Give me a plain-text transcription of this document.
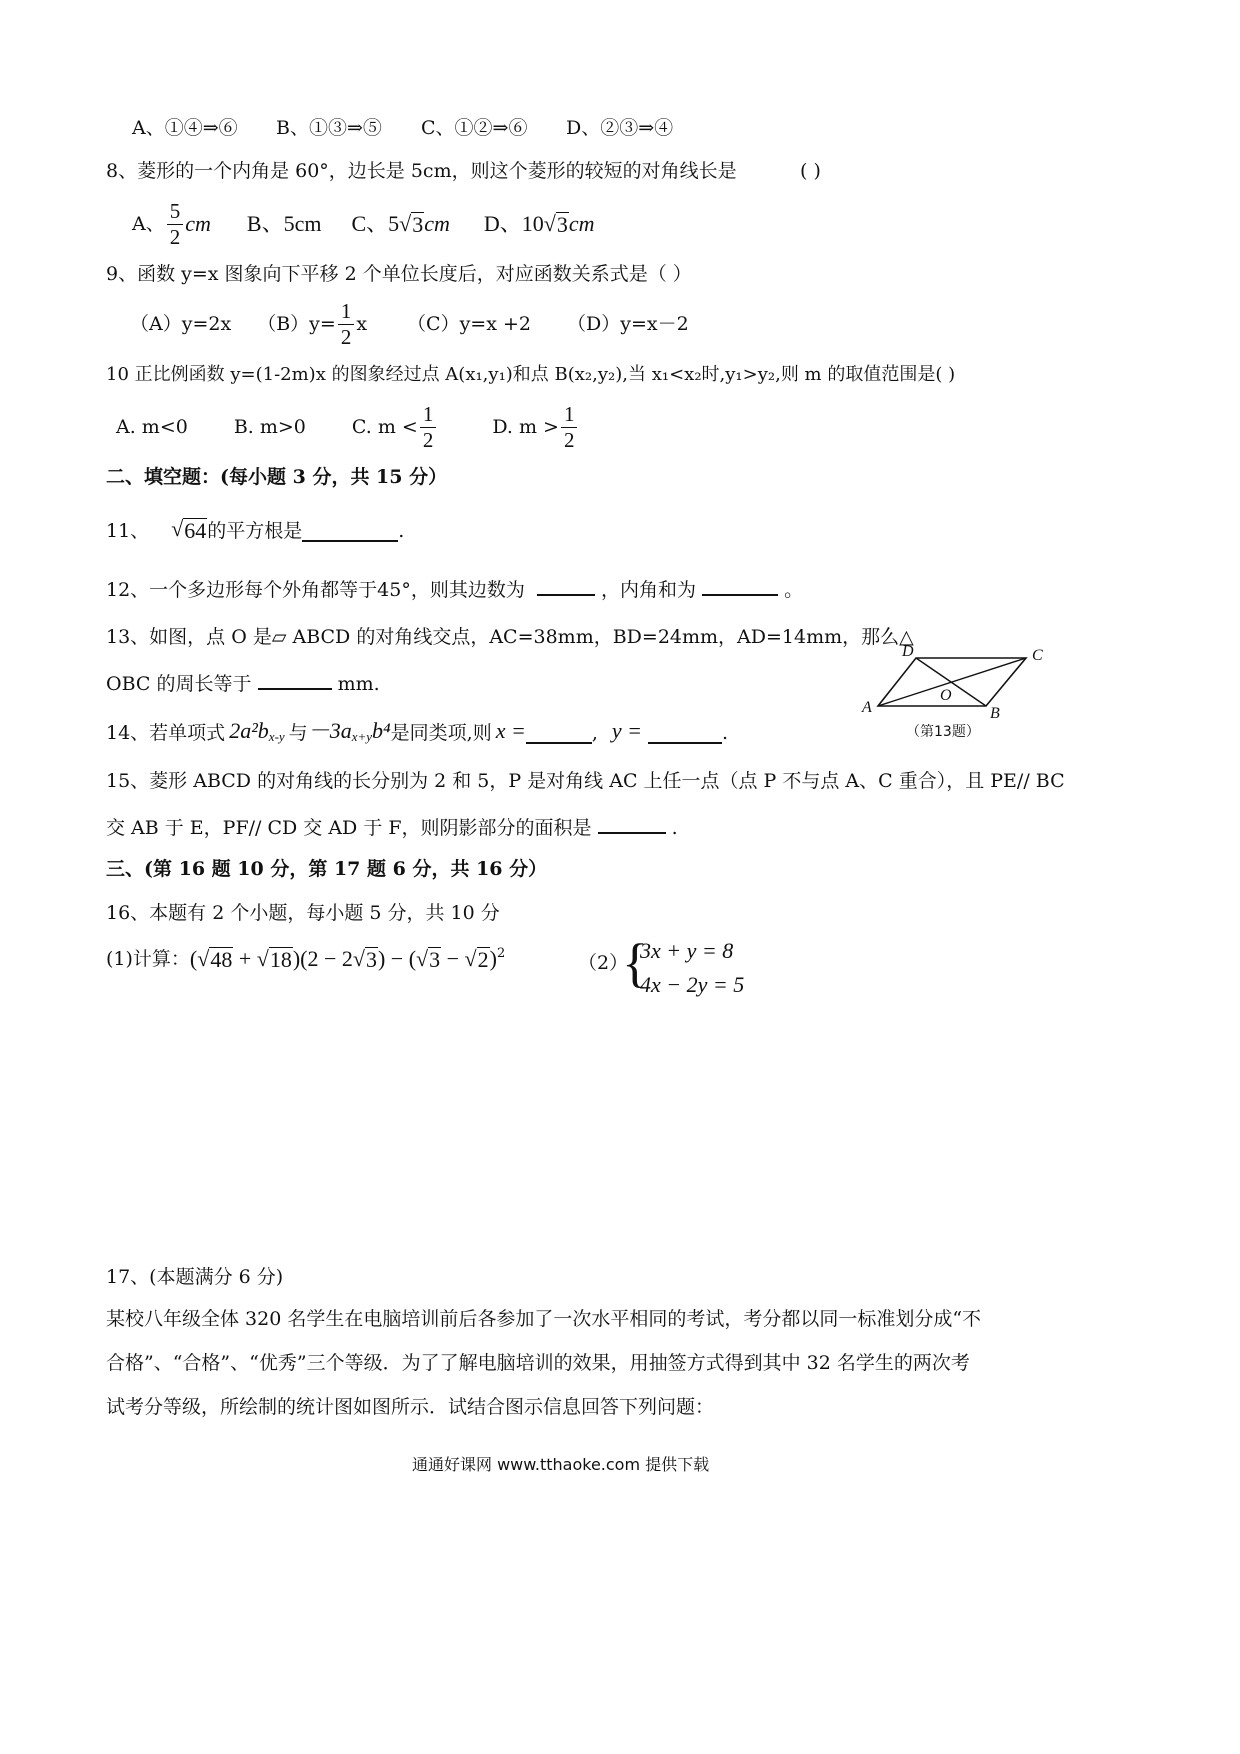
A、①④⇒⑥ B、①③⇒⑤ C、①②⇒⑥ D、②③⇒④
8、菱形的一个内角是 60°，边长是 5cm，则这个菱形的较短的对角线长是	( )
A、 $\frac{5}{2}$ cm B、5cm C、5 √ 3 cm D、10 √ 3 cm
9、函数 y=x 图象向下平移 2 个单位长度后，对应函数关系式是（ ）
（A）y=2x $(B)y= \frac{1}{2}$ x （C）y=x +2 （D）y=x－2
10 正比例函数 y=(1-2m)x 的图象经过点 A(x₁,y₁)和点 B(x₂,y₂),当 x₁<x₂时,y₁>y₂,则 m 的取值范围是( )
A. m<0 B. m>0 C. $m < \frac{1}{2}$	D. $m > \frac{1}{2}$
二、填空题：(每小题 3 分，共 15 分）
11、 √ 64 的平方根是	.
12、一个多边形每个外角都等于45°，则其边数为	，内角和为	。
13、如图，点 O 是▱ ABCD 的对角线交点，AC=38mm，BD=24mm，AD=14mm，那么△
OBC 的周长等于	mm.
D	C
O
A	B
（第13题）
14、若单项式 2a²b x-y 与 －3a x+y b⁴ 是同类项,则 x =	, y =	.
15、菱形 ABCD 的对角线的长分别为 2 和 5，P 是对角线 AC 上任一点（点 P 不与点 A、C 重合），且 PE// BC
交 AB 于 E，PF// CD 交 AD 于 F，则阴影部分的面积是	.
三、(第 16 题 10 分，第 17 题 6 分，共 16 分）
16、本题有 2 个小题，每小题 5 分，共 10 分
(1)计算： ( √ 48 + √ 18 )(2 − 2 √ 3 ) − ( √ 3 − √ 2 ) 2	（2）
{
3x + y = 8
4x − 2y = 5
17、(本题满分 6 分)
某校八年级全体 320 名学生在电脑培训前后各参加了一次水平相同的考试，考分都以同一标准划分成“不
合格”、“合格”、“优秀”三个等级．为了了解电脑培训的效果，用抽签方式得到其中 32 名学生的两次考
试考分等级，所绘制的统计图如图所示．试结合图示信息回答下列问题：
通通好课网 www.tthaoke.com 提供下载
